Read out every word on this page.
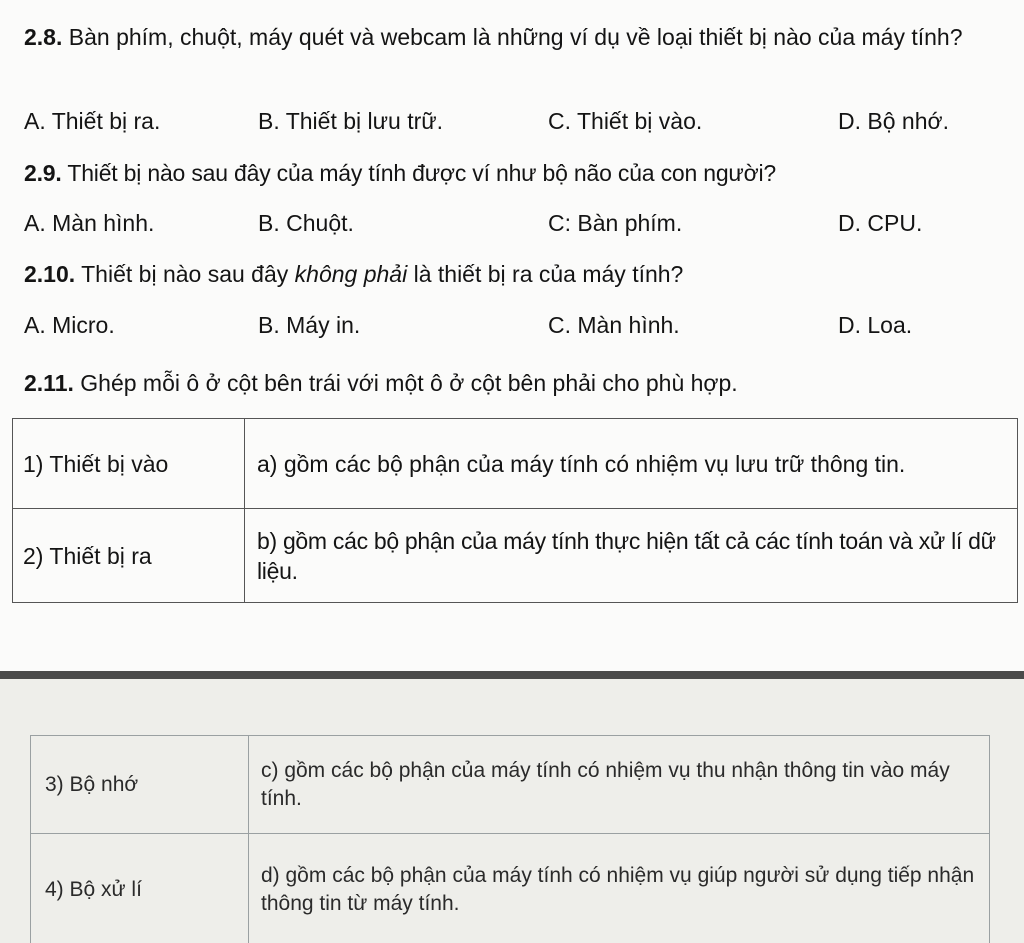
2.8. Bàn phím, chuột, máy quét và webcam là những ví dụ về loại thiết bị nào của máy tính?
A. Thiết bị ra.	B. Thiết bị lưu trữ.	C. Thiết bị vào.	D. Bộ nhớ.
2.9. Thiết bị nào sau đây của máy tính được ví như bộ não của con người?
A. Màn hình.	B. Chuột.	C: Bàn phím.	D. CPU.
2.10. Thiết bị nào sau đây không phải là thiết bị ra của máy tính?
A. Micro.	B. Máy in.	C. Màn hình.	D. Loa.
2.11. Ghép mỗi ô ở cột bên trái với một ô ở cột bên phải cho phù hợp.
1) Thiết bị vào	a) gồm các bộ phận của máy tính có nhiệm vụ lưu trữ thông tin.
2) Thiết bị ra	b) gồm các bộ phận của máy tính thực hiện tất cả các tính toán và xử lí dữ liệu.
3) Bộ nhớ	c) gồm các bộ phận của máy tính có nhiệm vụ thu nhận thông tin vào máy tính.
4) Bộ xử lí	d) gồm các bộ phận của máy tính có nhiệm vụ giúp người sử dụng tiếp nhận thông tin từ máy tính.
